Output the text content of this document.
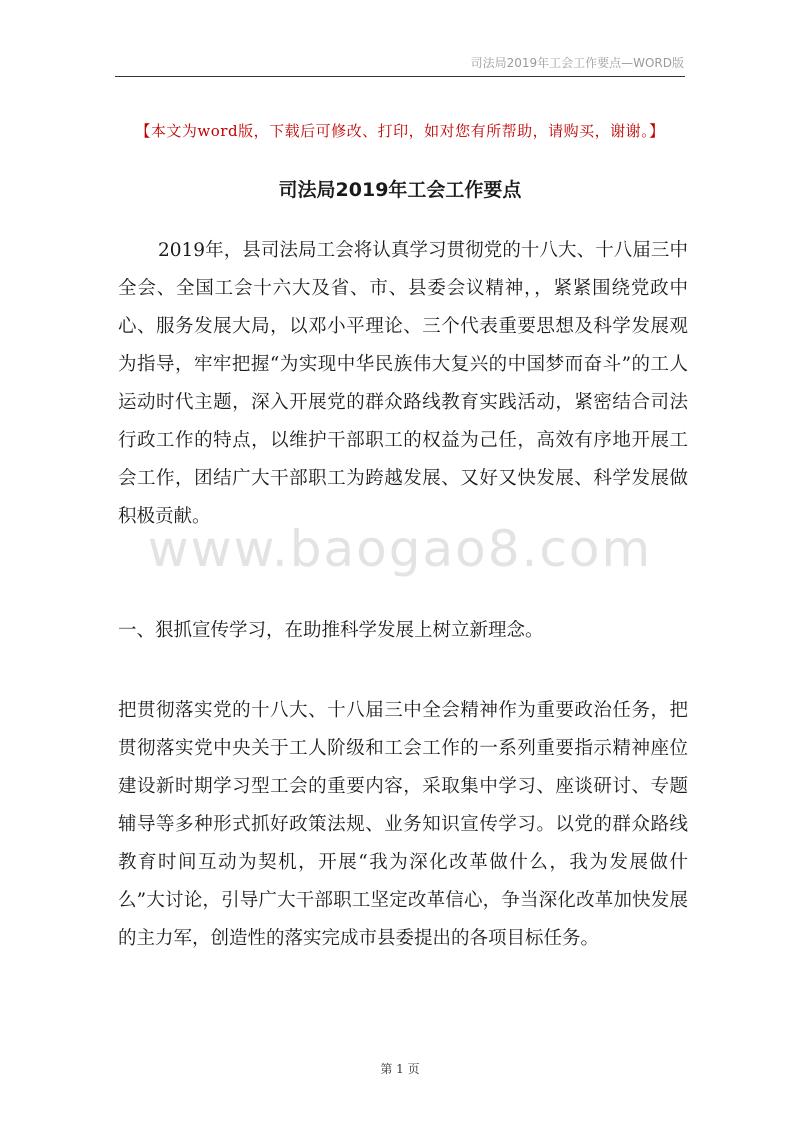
司法局2019年工会工作要点—WORD版
【本文为word版，下载后可修改、打印，如对您有所帮助，请购买，谢谢。】
司法局2019年工会工作要点

2019年，县司法局工会将认真学习贯彻党的十八大、十八届三中全会、全国工会十六大及省、市、县委会议精神，，紧紧围绕党政中心、服务发展大局，以邓小平理论、三个代表重要思想及科学发展观为指导，牢牢把握“为实现中华民族伟大复兴的中国梦而奋斗”的工人运动时代主题，深入开展党的群众路线教育实践活动，紧密结合司法行政工作的特点，以维护干部职工的权益为己任，高效有序地开展工会工作，团结广大干部职工为跨越发展、又好又快发展、科学发展做积极贡献。

www.baogao8.com
一、狠抓宣传学习，在助推科学发展上树立新理念。

把贯彻落实党的十八大、十八届三中全会精神作为重要政治任务，把贯彻落实党中央关于工人阶级和工会工作的一系列重要指示精神座位建设新时期学习型工会的重要内容，采取集中学习、座谈研讨、专题辅导等多种形式抓好政策法规、业务知识宣传学习。以党的群众路线教育时间互动为契机，开展“我为深化改革做什么，我为发展做什么”大讨论，引导广大干部职工坚定改革信心，争当深化改革加快发展的主力军，创造性的落实完成市县委提出的各项目标任务。

第 1 页
